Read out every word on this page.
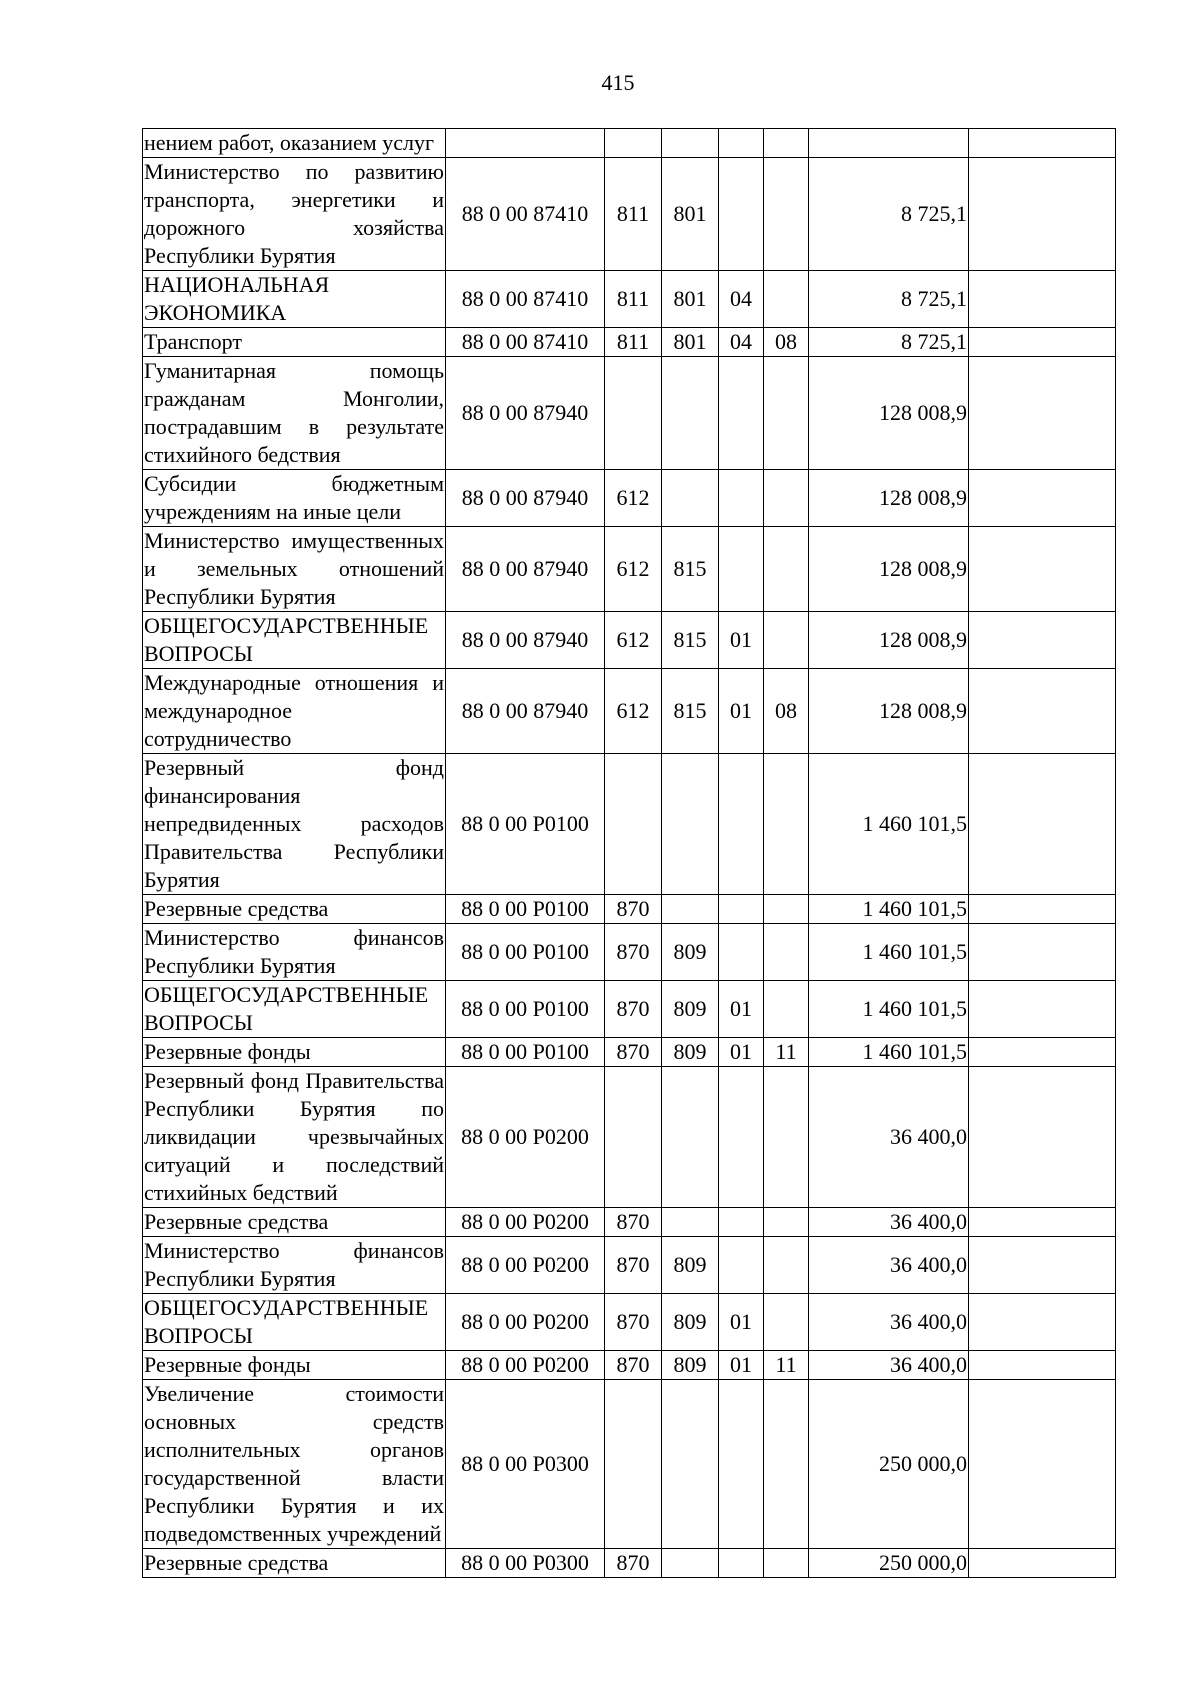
415
нением работ, оказанием услуг							
Министерство по развитию транспорта, энергетики и дорожного хозяйства Республики Бурятия	88 0 00 87410	811	801			8 725,1	
НАЦИОНАЛЬНАЯ ЭКОНОМИКА	88 0 00 87410	811	801	04		8 725,1	
Транспорт	88 0 00 87410	811	801	04	08	8 725,1	
Гуманитарная помощь гражданам Монголии, пострадавшим в результате стихийного бедствия	88 0 00 87940					128 008,9	
Субсидии бюджетным учреждениям на иные цели	88 0 00 87940	612				128 008,9	
Министерство имущественных и земельных отношений Республики Бурятия	88 0 00 87940	612	815			128 008,9	
ОБЩЕГОСУДАРСТВЕННЫЕ ВОПРОСЫ	88 0 00 87940	612	815	01		128 008,9	
Международные отношения и международное сотрудничество	88 0 00 87940	612	815	01	08	128 008,9	
Резервный фонд финансирования непредвиденных расходов Правительства Республики Бурятия	88 0 00 P0100					1 460 101,5	
Резервные средства	88 0 00 P0100	870				1 460 101,5	
Министерство финансов Республики Бурятия	88 0 00 P0100	870	809			1 460 101,5	
ОБЩЕГОСУДАРСТВЕННЫЕ ВОПРОСЫ	88 0 00 P0100	870	809	01		1 460 101,5	
Резервные фонды	88 0 00 P0100	870	809	01	11	1 460 101,5	
Резервный фонд Правительства Республики Бурятия по ликвидации чрезвычайных ситуаций и последствий стихийных бедствий	88 0 00 P0200					36 400,0	
Резервные средства	88 0 00 P0200	870				36 400,0	
Министерство финансов Республики Бурятия	88 0 00 P0200	870	809			36 400,0	
ОБЩЕГОСУДАРСТВЕННЫЕ ВОПРОСЫ	88 0 00 P0200	870	809	01		36 400,0	
Резервные фонды	88 0 00 P0200	870	809	01	11	36 400,0	
Увеличение стоимости основных средств исполнительных органов государственной власти Республики Бурятия и их подведомственных учреждений	88 0 00 P0300					250 000,0	
Резервные средства	88 0 00 P0300	870				250 000,0	
